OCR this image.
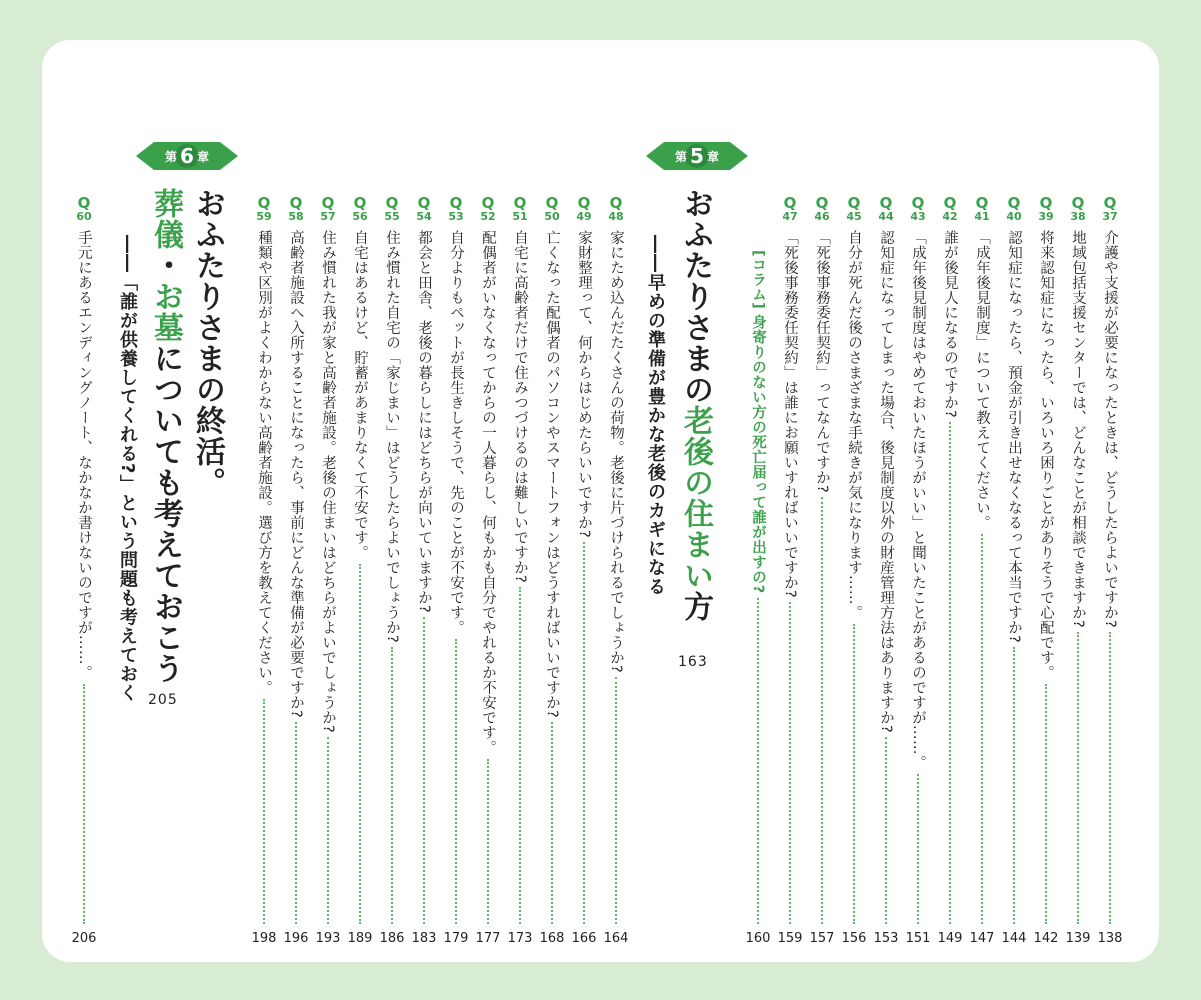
Q
37
介護や支援が必要になったときは、どうしたらよいですか?
138
Q
38
地域包括支援センターでは、どんなことが相談できますか?
139
Q
39
将来認知症になったら、いろいろ困りごとがありそうで心配です。
142
Q
40
認知症になったら、預金が引き出せなくなるって本当ですか?
144
Q
41
「成年後見制度」について教えてください。
147
Q
42
誰が後見人になるのですか?
149
Q
43
「成年後見制度はやめておいたほうがいい」と聞いたことがあるのですが……。
151
Q
44
認知症になってしまった場合、後見制度以外の財産管理方法はありますか?
153
Q
45
自分が死んだ後のさまざまな手続きが気になります……。
156
Q
46
「死後事務委任契約」ってなんですか?
157
Q
47
「死後事務委任契約」は誰にお願いすればいいですか?
159
[コラム] 身寄りのない方の死亡届って誰が出すの?
160
第 5 章
おふたりさまの老後の住まい方
――早めの準備が豊かな老後のカギになる
163
Q
48
家にため込んだたくさんの荷物。老後に片づけられるでしょうか?
164
Q
49
家財整理って、何からはじめたらいいですか?
166
Q
50
亡くなった配偶者のパソコンやスマートフォンはどうすればいいですか?
168
Q
51
自宅に高齢者だけで住みつづけるのは難しいですか?
173
Q
52
配偶者がいなくなってからの一人暮らし、何もかも自分でやれるか不安です。
177
Q
53
自分よりもペットが長生きしそうで、先のことが不安です。
179
Q
54
都会と田舎、老後の暮らしにはどちらが向いていますか?
183
Q
55
住み慣れた自宅の「家じまい」はどうしたらよいでしょうか?
186
Q
56
自宅はあるけど、貯蓄があまりなくて不安です。
189
Q
57
住み慣れた我が家と高齢者施設。老後の住まいはどちらがよいでしょうか?
193
Q
58
高齢者施設へ入所することになったら、事前にどんな準備が必要ですか?
196
Q
59
種類や区別がよくわからない高齢者施設。選び方を教えてください。
198
第 6 章
おふたりさまの終活。
葬儀・お墓についても考えておこう
――「誰が供養してくれる?」という問題も考えておく 205
Q
60
手元にあるエンディングノート、なかなか書けないのですが……。
206
